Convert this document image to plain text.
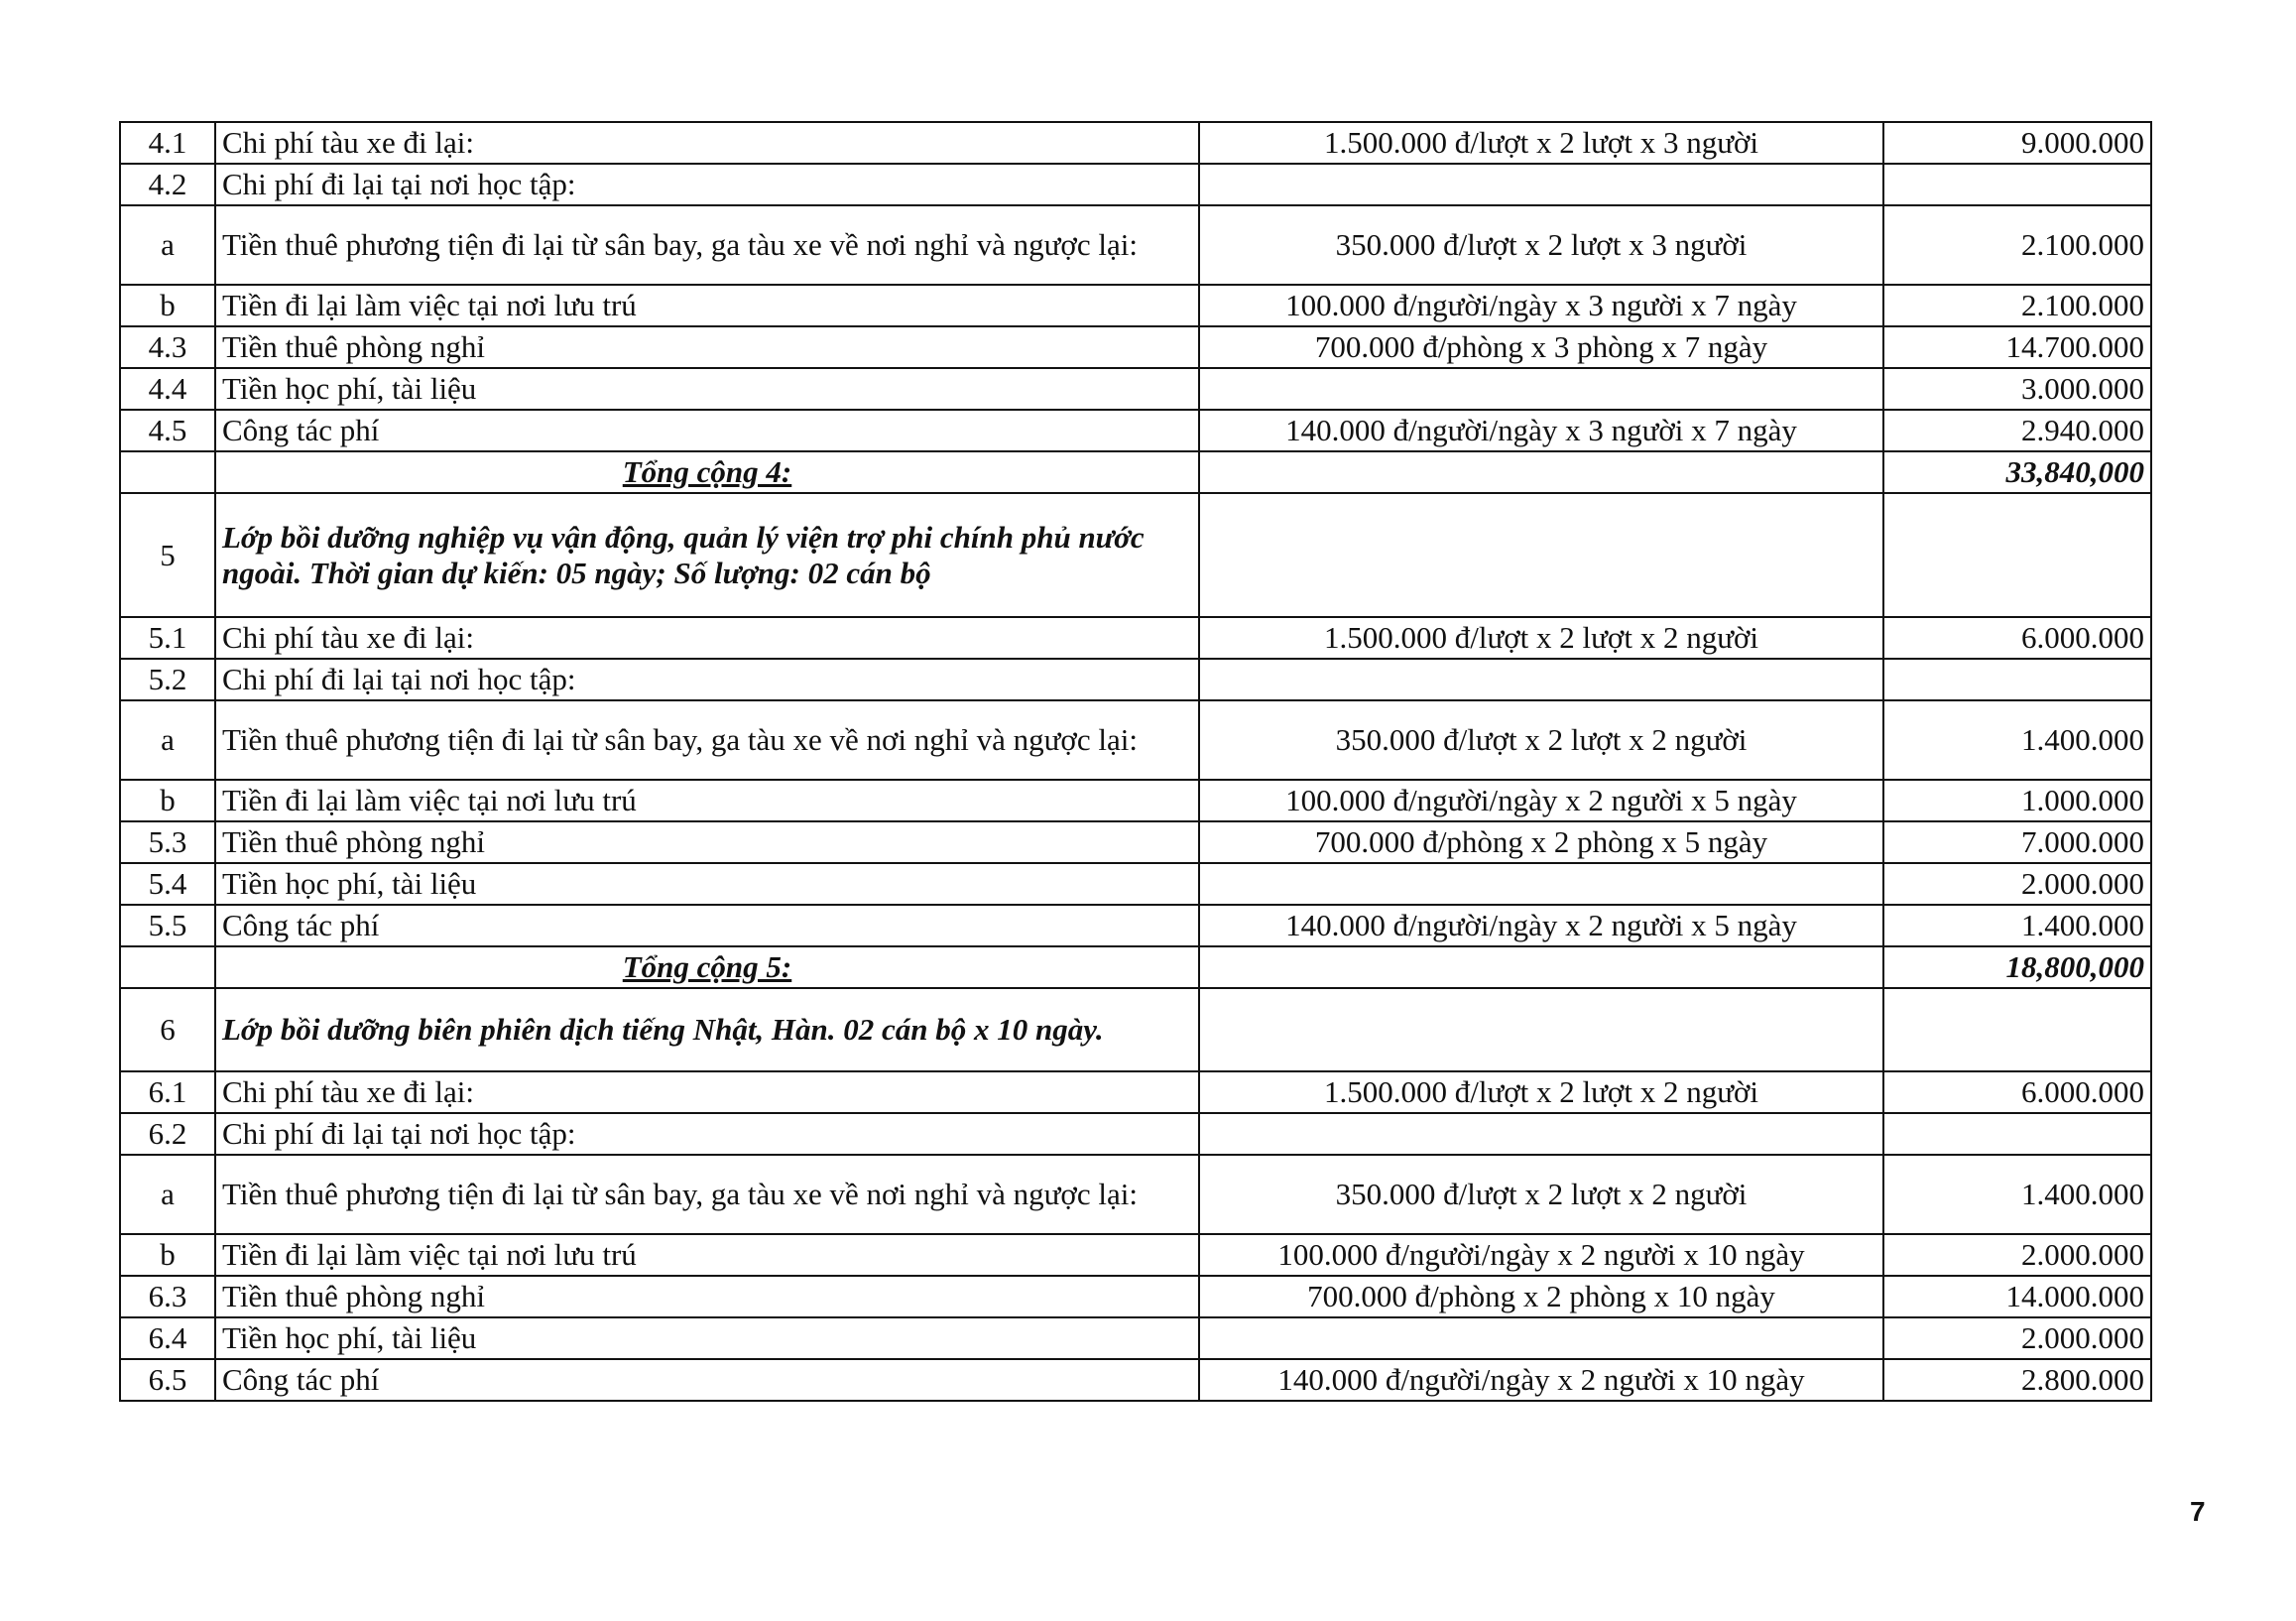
4.1	Chi phí tàu xe đi lại:	1.500.000 đ/lượt x 2 lượt x 3 người	9.000.000
4.2	Chi phí đi lại tại nơi học tập:		
a	Tiền thuê phương tiện đi lại từ sân bay, ga tàu xe về nơi nghỉ và ngược lại:	350.000 đ/lượt x 2 lượt x 3 người	2.100.000
b	Tiền đi lại làm việc tại nơi lưu trú	100.000 đ/người/ngày x 3 người x 7 ngày	2.100.000
4.3	Tiền thuê phòng nghỉ	700.000 đ/phòng x 3 phòng x 7 ngày	14.700.000
4.4	Tiền học phí, tài liệu		3.000.000
4.5	Công tác phí	140.000 đ/người/ngày x 3 người x 7 ngày	2.940.000
	Tổng cộng 4:		33,840,000
5	Lớp bồi dưỡng nghiệp vụ vận động, quản lý viện trợ phi chính phủ nước ngoài. Thời gian dự kiến: 05 ngày; Số lượng: 02 cán bộ		
5.1	Chi phí tàu xe đi lại:	1.500.000 đ/lượt x 2 lượt x 2 người	6.000.000
5.2	Chi phí đi lại tại nơi học tập:		
a	Tiền thuê phương tiện đi lại từ sân bay, ga tàu xe về nơi nghỉ và ngược lại:	350.000 đ/lượt x 2 lượt x 2 người	1.400.000
b	Tiền đi lại làm việc tại nơi lưu trú	100.000 đ/người/ngày x 2 người x 5 ngày	1.000.000
5.3	Tiền thuê phòng nghỉ	700.000 đ/phòng x 2 phòng x 5 ngày	7.000.000
5.4	Tiền học phí, tài liệu		2.000.000
5.5	Công tác phí	140.000 đ/người/ngày x 2 người x 5 ngày	1.400.000
	Tổng cộng 5:		18,800,000
6	Lớp bồi dưỡng biên phiên dịch tiếng Nhật, Hàn. 02 cán bộ x 10 ngày.		
6.1	Chi phí tàu xe đi lại:	1.500.000 đ/lượt x 2 lượt x 2 người	6.000.000
6.2	Chi phí đi lại tại nơi học tập:		
a	Tiền thuê phương tiện đi lại từ sân bay, ga tàu xe về nơi nghỉ và ngược lại:	350.000 đ/lượt x 2 lượt x 2 người	1.400.000
b	Tiền đi lại làm việc tại nơi lưu trú	100.000 đ/người/ngày x 2 người x 10 ngày	2.000.000
6.3	Tiền thuê phòng nghỉ	700.000 đ/phòng x 2 phòng x 10 ngày	14.000.000
6.4	Tiền học phí, tài liệu		2.000.000
6.5	Công tác phí	140.000 đ/người/ngày x 2 người x 10 ngày	2.800.000
7
